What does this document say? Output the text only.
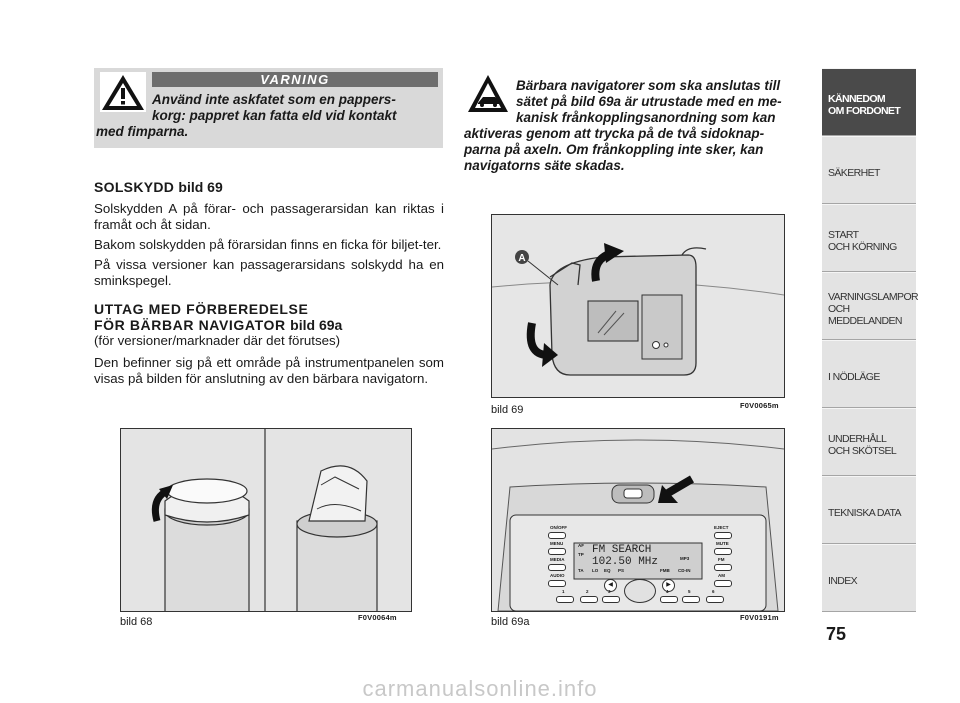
VARNING
Använd inte askfatet som en pappers-
korg: pappret kan fatta eld vid kontakt
med fimparna.
Bärbara navigatorer som ska anslutas till
sätet på bild 69a är utrustade med en me-
kanisk frånkopplingsanordning som kan
aktiveras genom att trycka på de två sidoknap-
parna på axeln. Om frånkoppling inte sker, kan
navigatorns säte skadas.
SOLSKYDD bild 69

Solskydden A på förar- och passagerarsidan kan riktas i framåt och åt sidan.

Bakom solskydden på förarsidan finns en ficka för biljet-ter.

På vissa versioner kan passagerarsidans solskydd ha en sminkspegel.

UTTAG MED FÖRBEREDELSE
FÖR BÄRBAR NAVIGATOR bild 69a

(för versioner/marknader där det förutses)

Den befinner sig på ett område på instrumentpanelen som visas på bilden för anslutning av den bärbara navigatorn.

bild 68	F0V0064m
A
bild 69	F0V0065m
FM SEARCH
102.50 MHz
AF
TP
TA LO EQ PS	FMB
MP3
CD-IN
ON/OFF
MENU
MEDIA
AUDIO
EJECT
MUTE
FM
AM
◀	▶
1	2	3	4	5	6
bild 69a	F0V0191m
KÄNNEDOM
OM FORDONET
SÄKERHET
START
OCH KÖRNING
VARNINGSLAMPOR
OCH
MEDDELANDEN
I NÖDLÄGE
UNDERHÅLL
OCH SKÖTSEL
TEKNISKA DATA
INDEX
75
carmanualsonline.info
